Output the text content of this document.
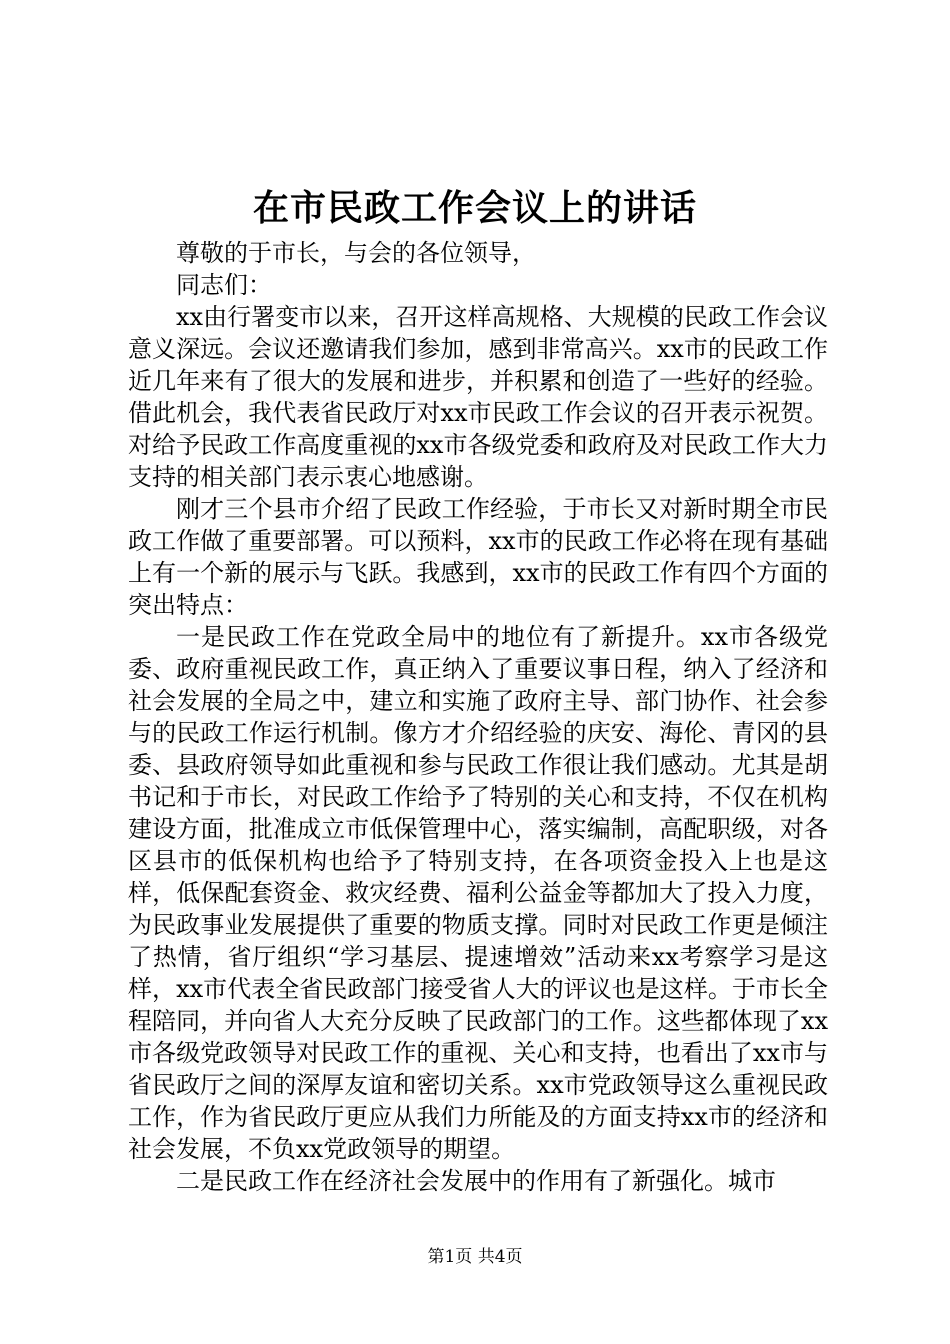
在市民政工作会议上的讲话

尊敬的于市长，与会的各位领导，

同志们：

xx由行署变市以来，召开这样高规格、大规模的民政工作会议意义深远。会议还邀请我们参加，感到非常高兴。xx市的民政工作近几年来有了很大的发展和进步，并积累和创造了一些好的经验。借此机会，我代表省民政厅对xx市民政工作会议的召开表示祝贺。对给予民政工作高度重视的xx市各级党委和政府及对民政工作大力支持的相关部门表示衷心地感谢。

刚才三个县市介绍了民政工作经验，于市长又对新时期全市民政工作做了重要部署。可以预料，xx市的民政工作必将在现有基础上有一个新的展示与飞跃。我感到，xx市的民政工作有四个方面的突出特点：

一是民政工作在党政全局中的地位有了新提升。xx市各级党委、政府重视民政工作，真正纳入了重要议事日程，纳入了经济和社会发展的全局之中，建立和实施了政府主导、部门协作、社会参与的民政工作运行机制。像方才介绍经验的庆安、海伦、青冈的县委、县政府领导如此重视和参与民政工作很让我们感动。尤其是胡书记和于市长，对民政工作给予了特别的关心和支持，不仅在机构建设方面，批准成立市低保管理中心，落实编制，高配职级，对各区县市的低保机构也给予了特别支持，在各项资金投入上也是这样，低保配套资金、救灾经费、福利公益金等都加大了投入力度，为民政事业发展提供了重要的物质支撑。同时对民政工作更是倾注了热情，省厅组织“学习基层、提速增效”活动来xx考察学习是这样，xx市代表全省民政部门接受省人大的评议也是这样。于市长全程陪同，并向省人大充分反映了民政部门的工作。这些都体现了xx市各级党政领导对民政工作的重视、关心和支持，也看出了xx市与省民政厅之间的深厚友谊和密切关系。xx市党政领导这么重视民政工作，作为省民政厅更应从我们力所能及的方面支持xx市的经济和社会发展，不负xx党政领导的期望。

二是民政工作在经济社会发展中的作用有了新强化。城市

第1页 共4页
